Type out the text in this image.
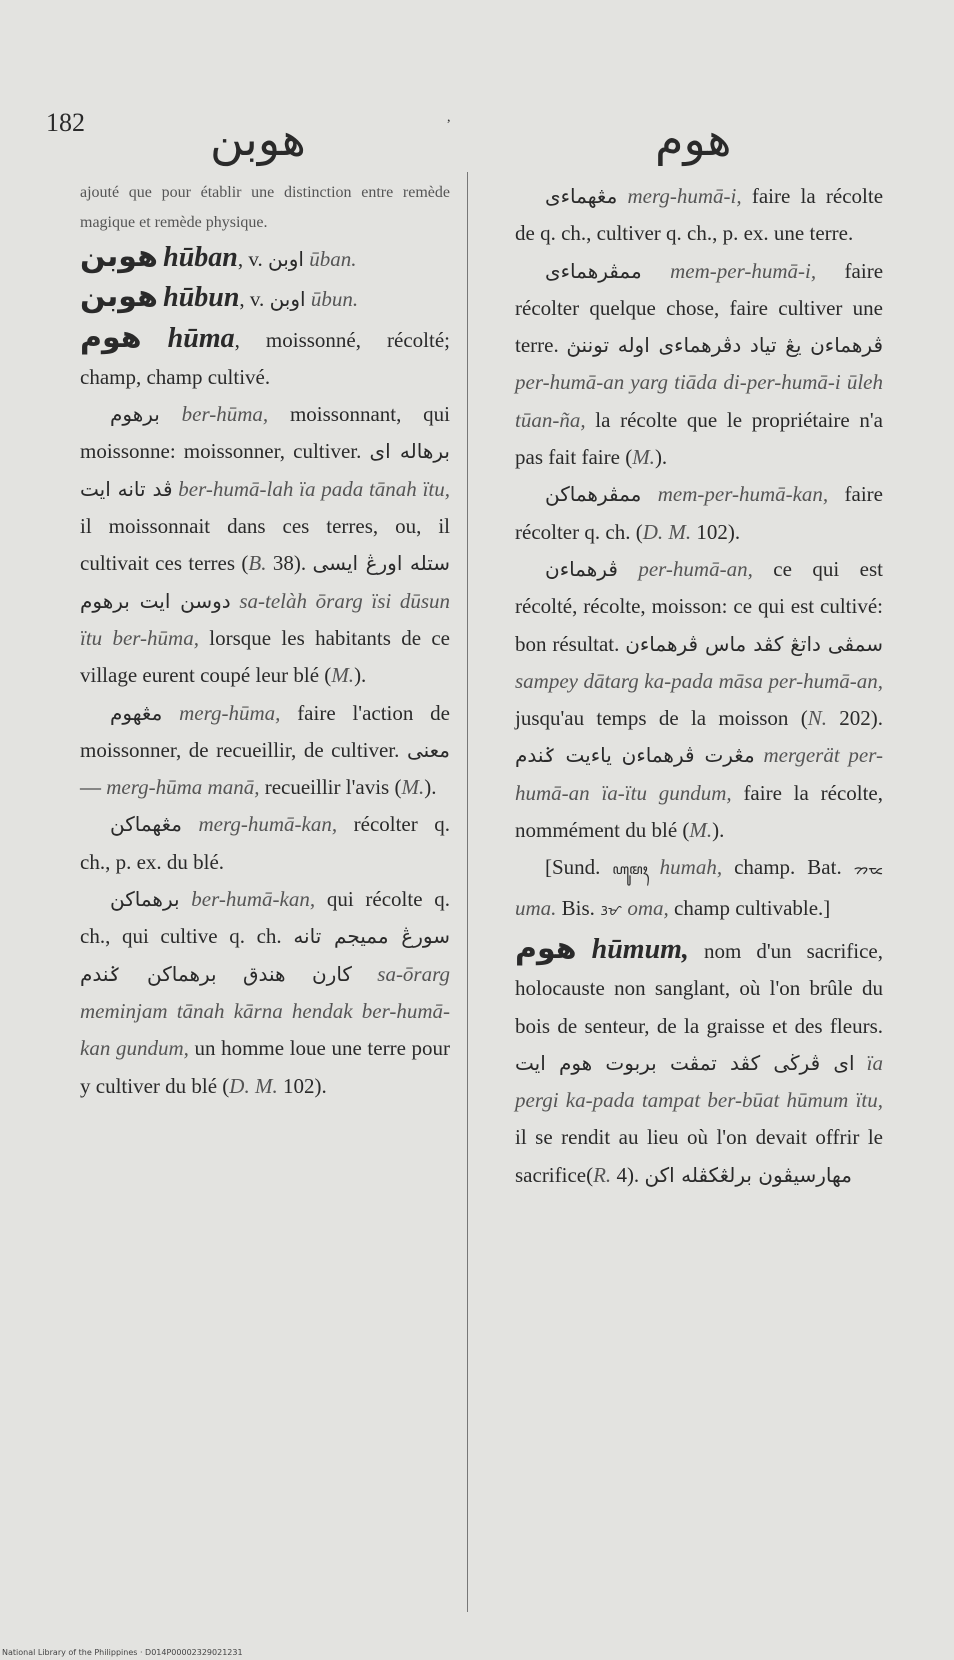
182	هوبن	,	هوم

ajouté que pour établir une distinction entre remède magique et remède physique.

هوبن hūban, v. اوبن ūban.

هوبن hūbun, v. اوبن ūbun.

هوم hūma, moissonné, récolté; champ, champ cultivé.

برهوم ber-hūma, moissonnant, qui moissonne: moissonner, cultiver. برهاله اى ڤد تانه ايت ber-humā-lah ïa pada tānah ïtu, il moissonnait dans ces terres, ou, il cultivait ces terres (B. 38). ستله اورڠ ايسى دوسن ايت برهوم sa-telàh ōrarg ïsi dūsun ïtu ber-hūma, lorsque les habitants de ce village eurent coupé leur blé (M.).

مڠهوم merg-hūma, faire l'action de moissonner, de recueillir, de cultiver. معنى — merg-hūma manā, recueillir l'avis (M.).

مڠهماكن merg-humā-kan, récolter q. ch., p. ex. du blé.

برهماكن ber-humā-kan, qui récolte q. ch., qui cultive q. ch. سورڠ مميجم تانه كارن هندق برهماكن ݢندم sa-ōrarg meminjam tānah kārna hendak ber-humā-kan gundum, un homme loue une terre pour y cultiver du blé (D. M. 102).

مڠهماءى merg-humā-i, faire la récolte de q. ch., cultiver q. ch., p. ex. une terre.

ممڤرهماءى mem-per-humā-i, faire récolter quelque chose, faire cultiver une terre. ڤرهماءن يڠ تياد دڤرهماءى اوله توننڽ per-humā-an yarg tiāda di-per-humā-i ūleh tūan-ña, la récolte que le propriétaire n'a pas fait faire (M.).

ممڤرهماكن mem-per-humā-kan, faire récolter q. ch. (D. M. 102).

ڤرهماءن per-humā-an, ce qui est récolté, récolte, moisson: ce qui est cultivé: bon résultat. سمڤى داتڠ كڤد ماس ڤرهماءن sampey dātarg ka-pada māsa per-humā-an, jusqu'au temps de la moisson (N. 202). مڠرت ڤرهماءن ياءيت ݢندم mergerät per-humā-an ïa-ïtu gundum, faire la récolte, nommément du blé (M.).

[Sund. ꦲꦸꦩꦃ humah, champ. Bat. ᯂᯔ uma. Bis. ᜂᜋ oma, champ cultivable.]

هوم hūmum, nom d'un sacrifice, holocauste non sanglant, où l'on brûle du bois de senteur, de la graisse et des fleurs. اى ڤرڬى كڤد تمڤت بربوت هوم ايت ïa pergi ka-pada tampat ber-būat hūmum ïtu, il se rendit au lieu où l'on devait offrir le sacrifice(R. 4). مهارسيڤون برلڠكڤله اكن

National Library of the Philippines · D014P00002329021231
